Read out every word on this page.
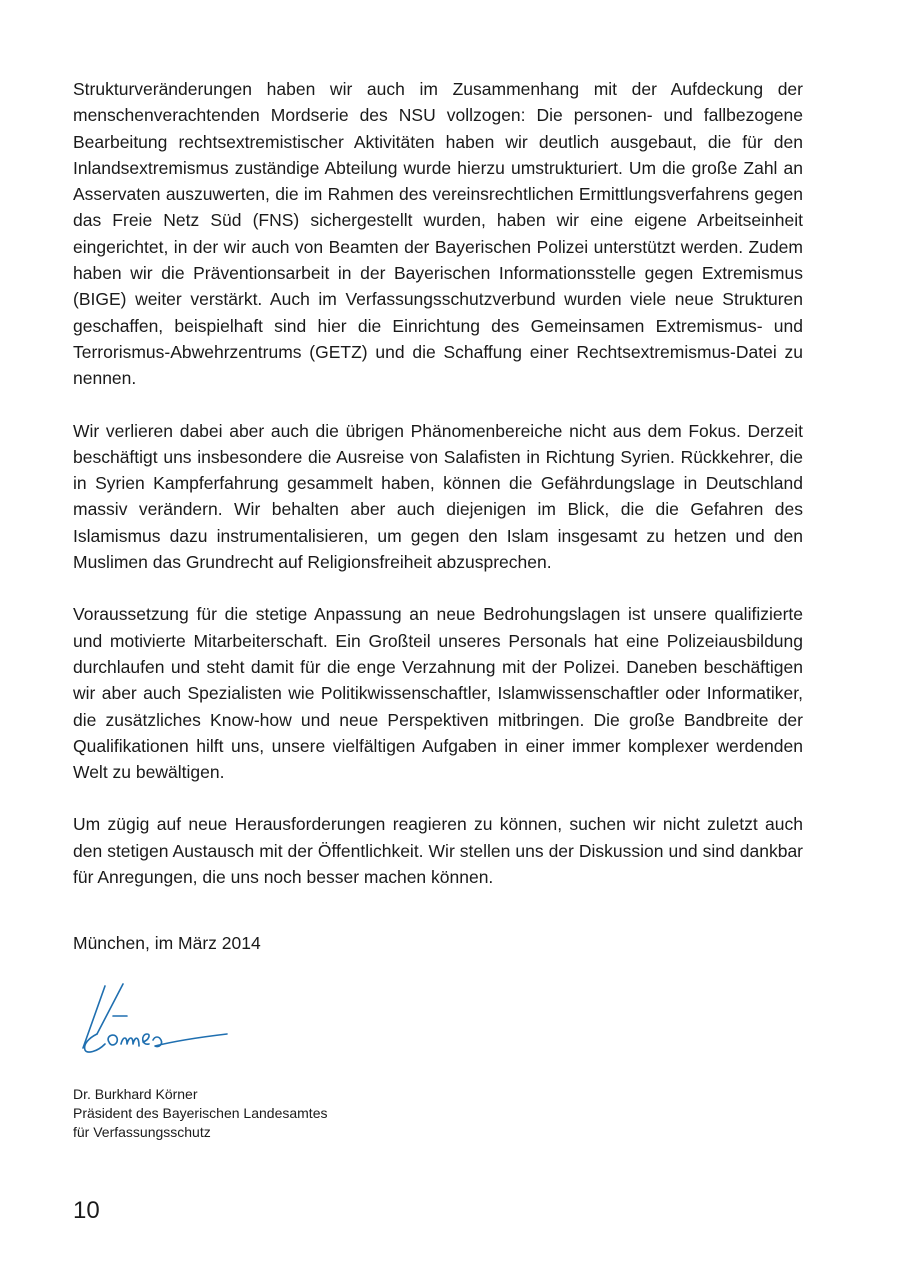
Strukturveränderungen haben wir auch im Zusammenhang mit der Aufdeckung der menschenverachtenden Mordserie des NSU vollzogen: Die personen- und fallbezogene Bearbeitung rechtsextremistischer Aktivitäten haben wir deutlich ausgebaut, die für den Inlandsextremismus zuständige Abteilung wurde hierzu umstrukturiert. Um die große Zahl an Asservaten auszuwerten, die im Rahmen des vereinsrechtlichen Ermittlungsverfahrens gegen das Freie Netz Süd (FNS) sichergestellt wurden, haben wir eine eigene Arbeitseinheit eingerichtet, in der wir auch von Beamten der Bayerischen Polizei unterstützt werden. Zudem haben wir die Präventionsarbeit in der Bayerischen Informationsstelle gegen Extremismus (BIGE) weiter verstärkt. Auch im Verfassungsschutzverbund wurden viele neue Strukturen geschaffen, beispielhaft sind hier die Einrichtung des Gemeinsamen Extremismus- und Terrorismus-Abwehrzentrums (GETZ) und die Schaffung einer Rechtsextremismus-Datei zu nennen.

Wir verlieren dabei aber auch die übrigen Phänomenbereiche nicht aus dem Fokus. Derzeit beschäftigt uns insbesondere die Ausreise von Salafisten in Richtung Syrien. Rückkehrer, die in Syrien Kampferfahrung gesammelt haben, können die Gefährdungslage in Deutschland massiv verändern. Wir behalten aber auch diejenigen im Blick, die die Gefahren des Islamismus dazu instrumentalisieren, um gegen den Islam insgesamt zu hetzen und den Muslimen das Grundrecht auf Religionsfreiheit abzusprechen.

Voraussetzung für die stetige Anpassung an neue Bedrohungslagen ist unsere qualifizierte und motivierte Mitarbeiterschaft. Ein Großteil unseres Personals hat eine Polizeiausbildung durchlaufen und steht damit für die enge Verzahnung mit der Polizei. Daneben beschäftigen wir aber auch Spezialisten wie Politikwissenschaftler, Islamwissenschaftler oder Informatiker, die zusätzliches Know-how und neue Perspektiven mitbringen. Die große Bandbreite der Qualifikationen hilft uns, unsere vielfältigen Aufgaben in einer immer komplexer werdenden Welt zu bewältigen.

Um zügig auf neue Herausforderungen reagieren zu können, suchen wir nicht zuletzt auch den stetigen Austausch mit der Öffentlichkeit. Wir stellen uns der Diskussion und sind dankbar für Anregungen, die uns noch besser machen können.

München, im März 2014

Dr. Burkhard Körner
Präsident des Bayerischen Landesamtes
für Verfassungsschutz
10
